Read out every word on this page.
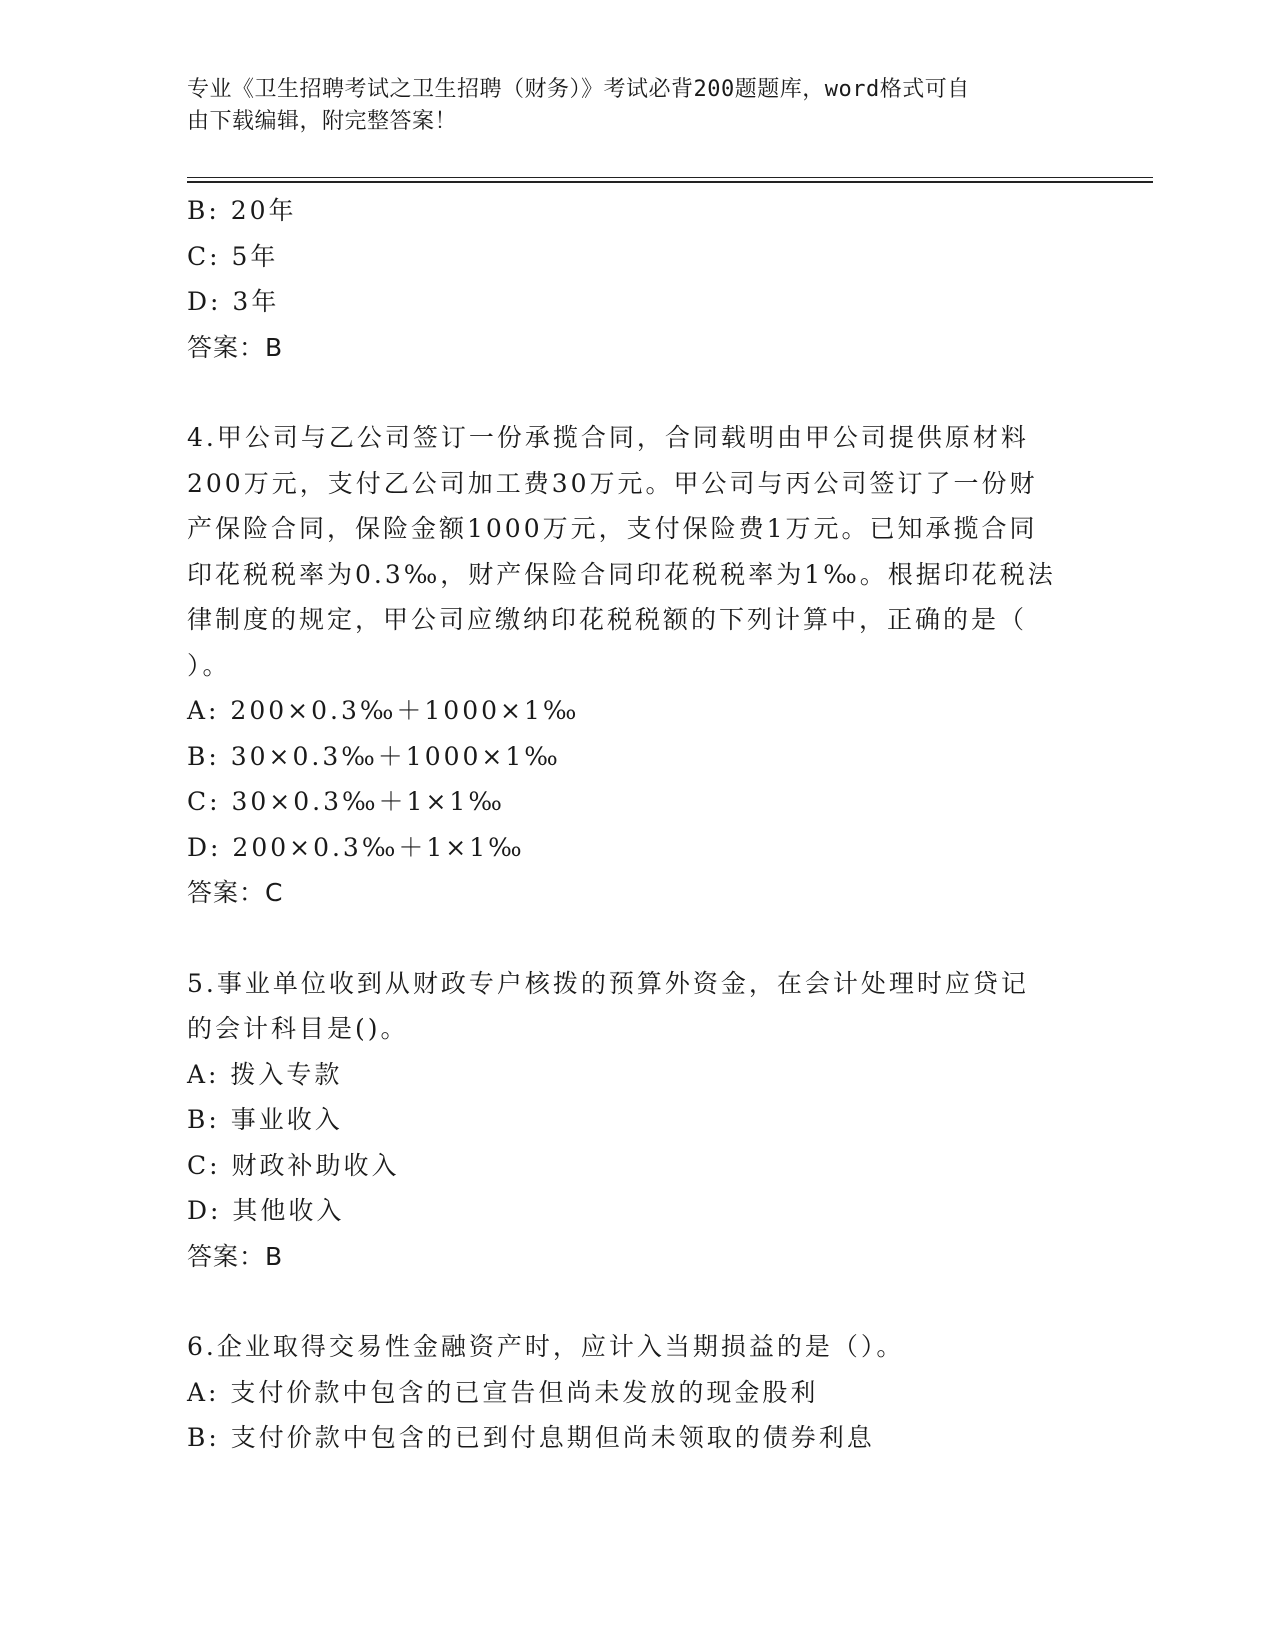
专业《卫生招聘考试之卫生招聘（财务）》考试必背200题题库，word格式可自
由下载编辑，附完整答案！
B: 20年
C: 5年
D: 3年
答案：B
4.甲公司与乙公司签订一份承揽合同，合同载明由甲公司提供原材料
200万元，支付乙公司加工费30万元。甲公司与丙公司签订了一份财
产保险合同，保险金额1000万元，支付保险费1万元。已知承揽合同
印花税税率为0.3‰，财产保险合同印花税税率为1‰。根据印花税法
律制度的规定，甲公司应缴纳印花税税额的下列计算中，正确的是（
）。
A: 200×0.3‰＋1000×1‰
B: 30×0.3‰＋1000×1‰
C: 30×0.3‰＋1×1‰
D: 200×0.3‰＋1×1‰
答案：C
5.事业单位收到从财政专户核拨的预算外资金，在会计处理时应贷记
的会计科目是()。
A: 拨入专款
B: 事业收入
C: 财政补助收入
D: 其他收入
答案：B
6.企业取得交易性金融资产时，应计入当期损益的是（）。
A: 支付价款中包含的已宣告但尚未发放的现金股利
B: 支付价款中包含的已到付息期但尚未领取的债券利息
